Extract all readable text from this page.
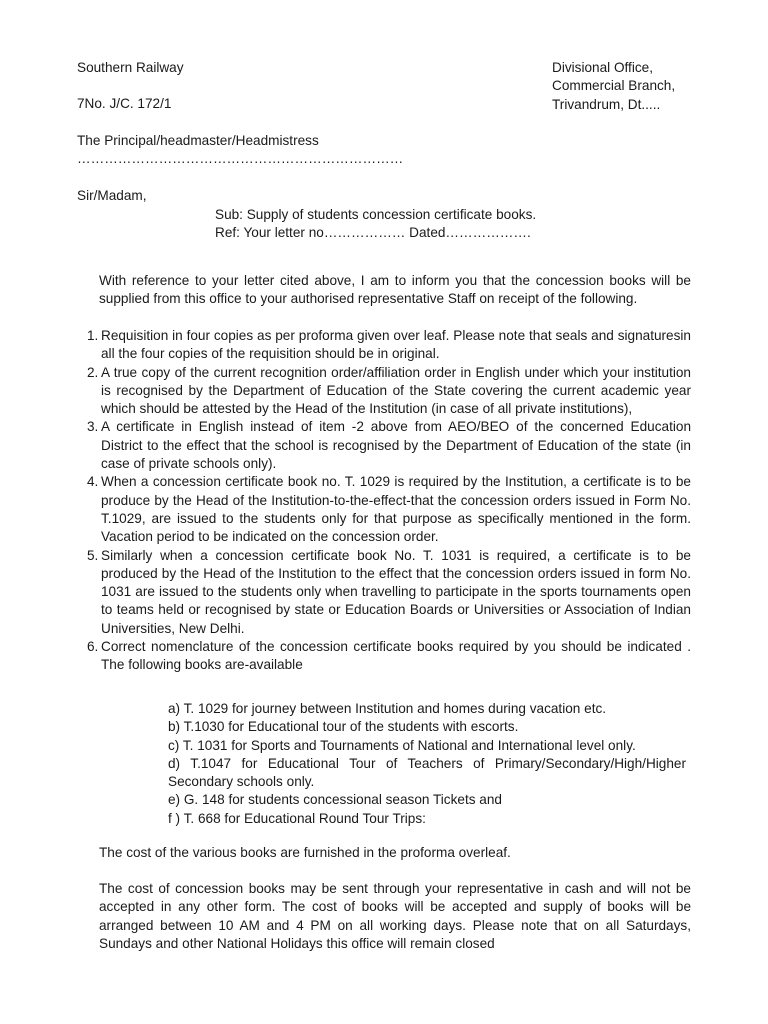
Southern Railway
7No. J/C. 172/1
Divisional Office,
Commercial Branch,
Trivandrum, Dt.....
The Principal/headmaster/Headmistress
………………………………………………………………
Sir/Madam,
Sub: Supply of students concession certificate books.
Ref: Your letter no……………… Dated……………….
With reference to your letter cited above, I am to inform you that the concession books will be supplied from this office to your authorised representative Staff on receipt of the following.
1. Requisition in four copies as per proforma given over leaf. Please note that seals and signaturesin all the four copies of the requisition should be in original.
2. A true copy of the current recognition order/affiliation order in English under which your institution is recognised by the Department of Education of the State covering the current academic year which should be attested by the Head of the Institution (in case of all private institutions),
3. A certificate in English instead of item -2 above from AEO/BEO of the concerned Education District to the effect that the school is recognised by the Department of Education of the state (in case of private schools only).
4. When a concession certificate book no. T. 1029 is required by the Institution, a certificate is to be produce by the Head of the Institution-to-the-effect-that the concession orders issued in Form No. T.1029, are issued to the students only for that purpose as specifically mentioned in the form. Vacation period to be indicated on the concession order.
5. Similarly when a concession certificate book No. T. 1031 is required, a certificate is to be produced by the Head of the Institution to the effect that the concession orders issued in form No. 1031 are issued to the students only when travelling to participate in the sports tournaments open to teams held or recognised by state or Education Boards or Universities or Association of Indian Universities, New Delhi.
6. Correct nomenclature of the concession certificate books required by you should be indicated . The following books are-available
a) T. 1029 for journey between Institution and homes during vacation etc.
b) T.1030 for Educational tour of the students with escorts.
c) T. 1031 for Sports and Tournaments of National and International level only.
d) T.1047 for Educational Tour of Teachers of Primary/Secondary/High/Higher Secondary schools only.
e) G. 148 for students concessional season Tickets and
f ) T. 668 for Educational Round Tour Trips:
The cost of the various books are furnished in the proforma overleaf.
The cost of concession books may be sent through your representative in cash and will not be accepted in any other form. The cost of books will be accepted and supply of books will be arranged between 10 AM and 4 PM on all working days. Please note that on all Saturdays, Sundays and other National Holidays this office will remain closed
